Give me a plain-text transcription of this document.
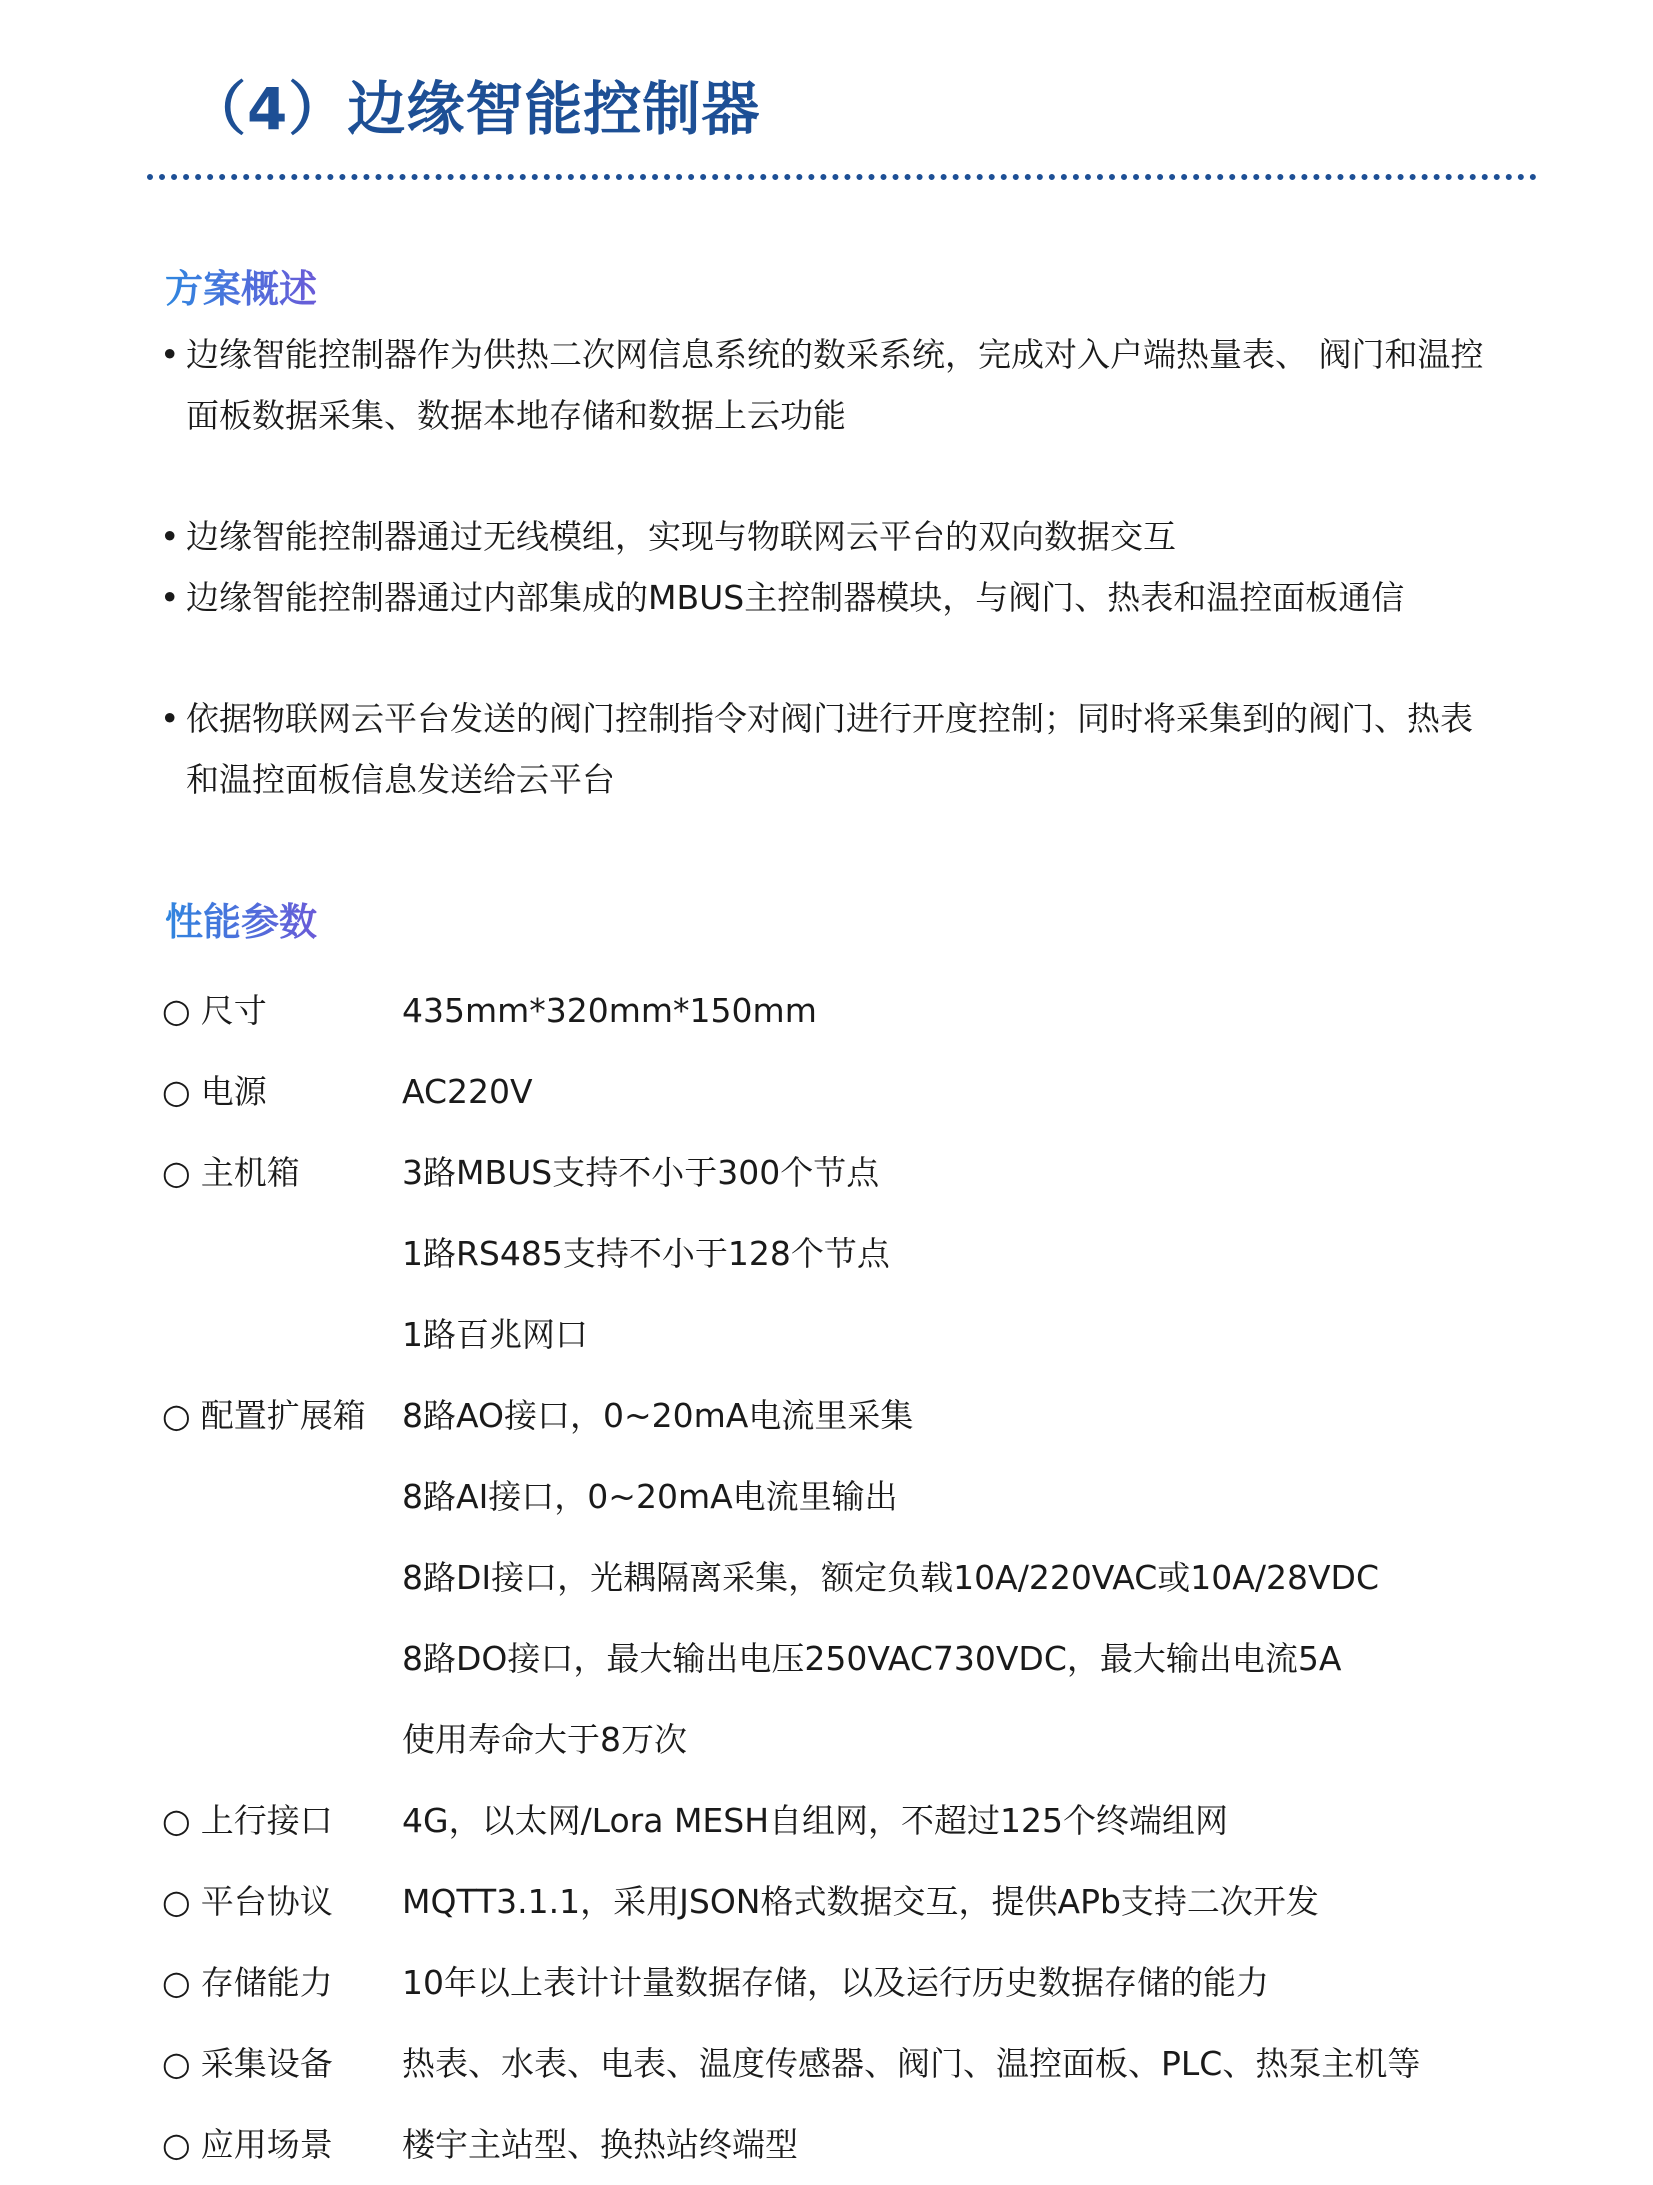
（4）边缘智能控制器
方案概述
• 边缘智能控制器作为供热二次网信息系统的数采系统，完成对入户端热量表、 阀门和温控面板数据采集、数据本地存储和数据上云功能
• 边缘智能控制器通过无线模组，实现与物联网云平台的双向数据交互
• 边缘智能控制器通过内部集成的MBUS主控制器模块，与阀门、热表和温控面板通信
• 依据物联网云平台发送的阀门控制指令对阀门进行开度控制；同时将采集到的阀门、热表和温控面板信息发送给云平台
性能参数
○ 尺寸	435mm*320mm*150mm
○ 电源	AC220V
○ 主机箱	3路MBUS支持不小于300个节点
1路RS485支持不小于128个节点
1路百兆网口
○ 配置扩展箱	8路AO接口，0~20mA电流里采集
8路AI接口，0~20mA电流里输出
8路DI接口，光耦隔离采集，额定负载10A/220VAC或10A/28VDC
8路DO接口，最大输出电压250VAC730VDC，最大输出电流5A
使用寿命大于8万次
○ 上行接口	4G，以太网/Lora MESH自组网，不超过125个终端组网
○ 平台协议	MQTT3.1.1，采用JSON格式数据交互，提供APb支持二次开发
○ 存储能力	10年以上表计计量数据存储，以及运行历史数据存储的能力
○ 采集设备	热表、水表、电表、温度传感器、阀门、温控面板、PLC、热泵主机等
○ 应用场景	楼宇主站型、换热站终端型
